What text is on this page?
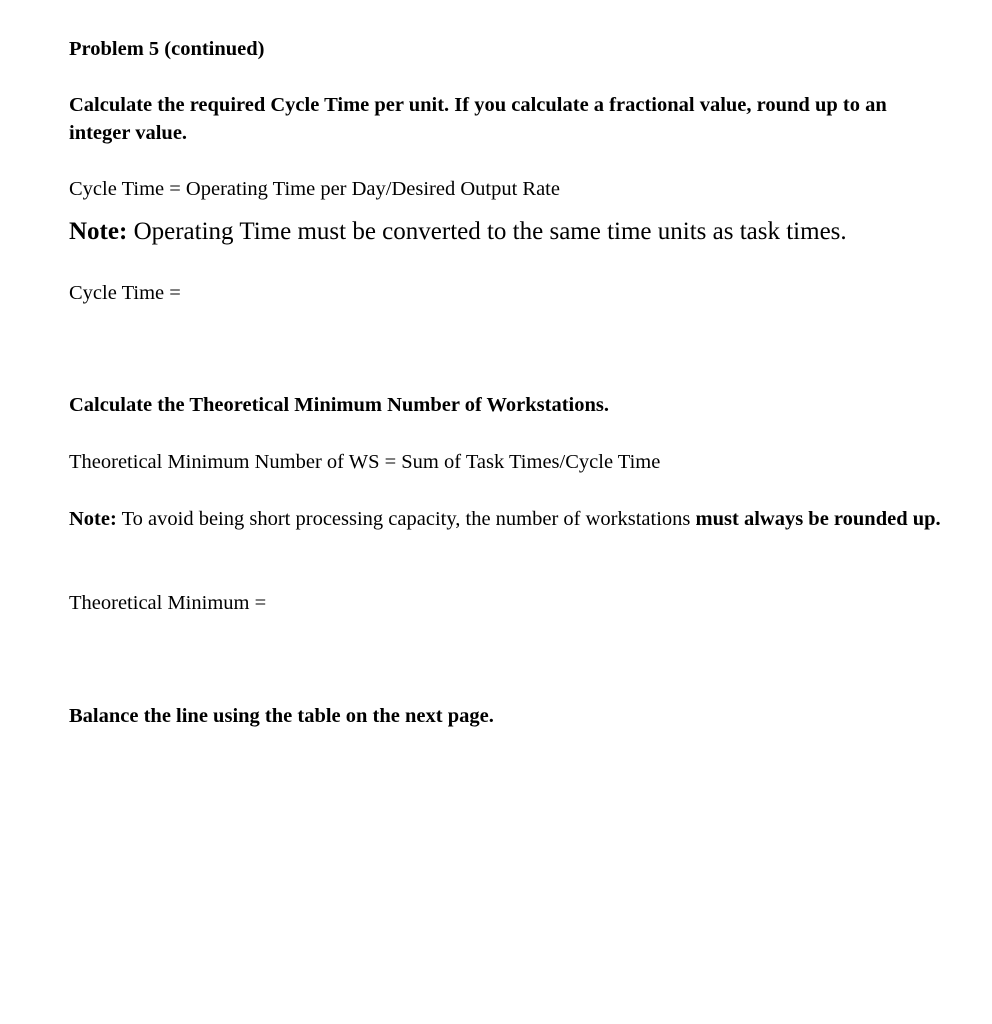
Problem 5 (continued)

Calculate the required Cycle Time per unit. If you calculate a fractional value, round up to an integer value.

Cycle Time = Operating Time per Day/Desired Output Rate

Note: Operating Time must be converted to the same time units as task times.

Cycle Time =

Calculate the Theoretical Minimum Number of Workstations.

Theoretical Minimum Number of WS = Sum of Task Times/Cycle Time

Note: To avoid being short processing capacity, the number of workstations must always be rounded up.

Theoretical Minimum =

Balance the line using the table on the next page.
